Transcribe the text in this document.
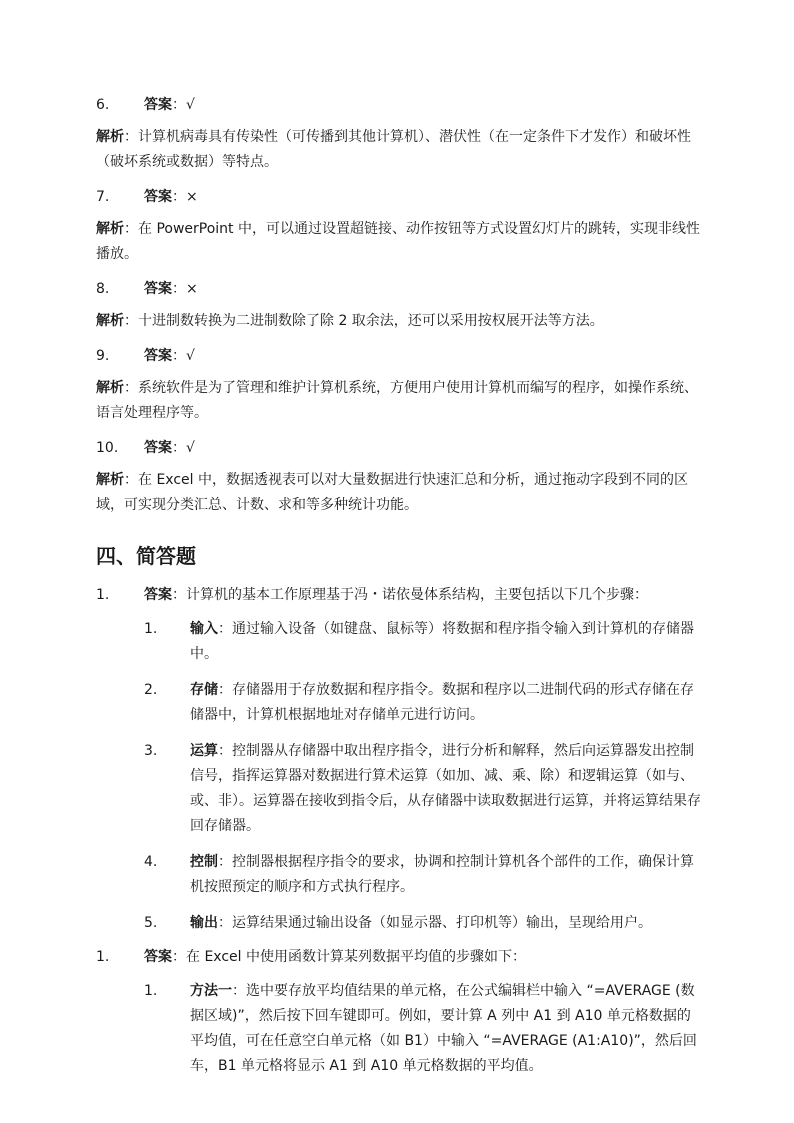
6.	答案：√

解析：计算机病毒具有传染性（可传播到其他计算机）、潜伏性（在一定条件下才发作）和破坏性（破坏系统或数据）等特点。

7.	答案：×

解析：在 PowerPoint 中，可以通过设置超链接、动作按钮等方式设置幻灯片的跳转，实现非线性播放。

8.	答案：×

解析：十进制数转换为二进制数除了除 2 取余法，还可以采用按权展开法等方法。

9.	答案：√

解析：系统软件是为了管理和维护计算机系统，方便用户使用计算机而编写的程序，如操作系统、语言处理程序等。

10.	答案：√

解析：在 Excel 中，数据透视表可以对大量数据进行快速汇总和分析，通过拖动字段到不同的区域，可实现分类汇总、计数、求和等多种统计功能。

四、简答题
1.	答案：计算机的基本工作原理基于冯・诺依曼体系结构，主要包括以下几个步骤：
1.	输入：通过输入设备（如键盘、鼠标等）将数据和程序指令输入到计算机的存储器中。
2.	存储：存储器用于存放数据和程序指令。数据和程序以二进制代码的形式存储在存储器中，计算机根据地址对存储单元进行访问。
3.	运算：控制器从存储器中取出程序指令，进行分析和解释，然后向运算器发出控制信号，指挥运算器对数据进行算术运算（如加、减、乘、除）和逻辑运算（如与、或、非）。运算器在接收到指令后，从存储器中读取数据进行运算，并将运算结果存回存储器。
4.	控制：控制器根据程序指令的要求，协调和控制计算机各个部件的工作，确保计算机按照预定的顺序和方式执行程序。
5.	输出：运算结果通过输出设备（如显示器、打印机等）输出，呈现给用户。
1.	答案：在 Excel 中使用函数计算某列数据平均值的步骤如下：
1.	方法一：选中要存放平均值结果的单元格，在公式编辑栏中输入 “=AVERAGE (数据区域)”，然后按下回车键即可。例如，要计算 A 列中 A1 到 A10 单元格数据的平均值，可在任意空白单元格（如 B1）中输入 “=AVERAGE (A1:A10)”，然后回车，B1 单元格将显示 A1 到 A10 单元格数据的平均值。
